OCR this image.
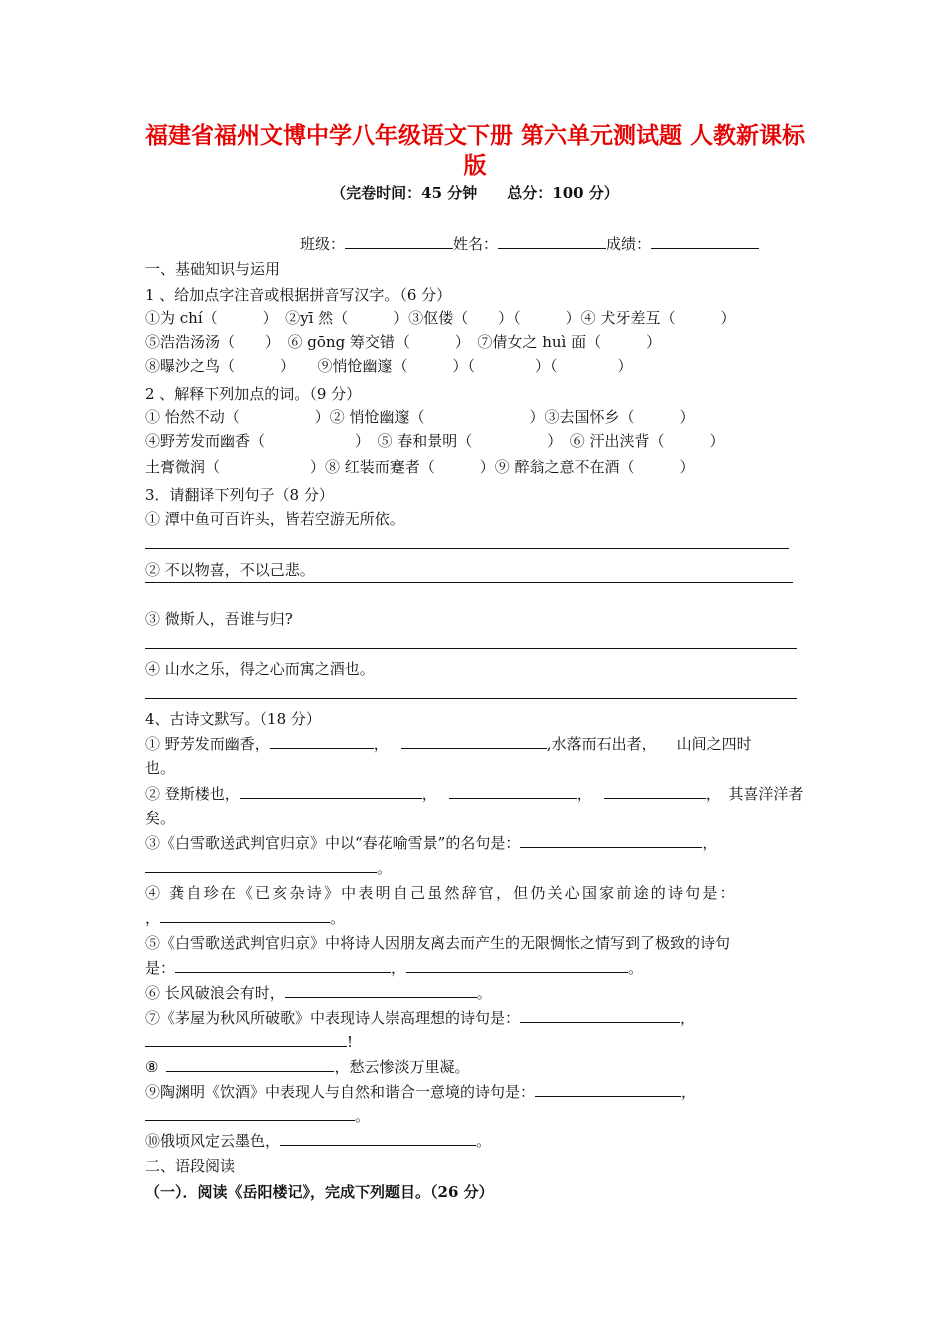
福建省福州文博中学八年级语文下册 第六单元测试题 人教新课标
版
（完卷时间：45 分钟　　总分：100 分）
班级：	姓名：	成绩：
一、基础知识与运用
1 、给加点字注音或根据拼音写汉字。（6 分）
①为 chí（　　　）　②yī 然（　　　）③伛偻（　　）（　　　）④ 犬牙差互（　　　）
⑤浩浩汤汤（　　）　⑥ gōng 筹交错（　　　）　⑦倩女之 huì 面（　　　）
⑧曝沙之鸟（　　　）　　⑨悄怆幽邃（　　　）（　　　　）（　　　　）
2 、解释下列加点的词。（9 分）
① 怡然不动（　　　　　）② 悄怆幽邃（　　　　　　　）③去国怀乡（　　　）
④野芳发而幽香（　　　　　　）　⑤ 春和景明（　　　　　）　⑥ 汗出浃背（　　　）
土膏微润（　　　　　　）⑧ 红装而蹇者（　　　）⑨ 醉翁之意不在酒（　　　）
3．请翻译下列句子（8 分）
① 潭中鱼可百许头，皆若空游无所依。
② 不以物喜，不以己悲。
③ 微斯人，吾谁与归?
④ 山水之乐，得之心而寓之酒也。
4、古诗文默写。（18 分）
① 野芳发而幽香，	，	,水落而石出者， 山间之四时
也。
② 登斯楼也，	，	，	，　其喜洋洋者
矣。
③《白雪歌送武判官归京》中以“春花喻雪景”的名句是：	，
。
④ 龚自珍在《已亥杂诗》中表明自己虽然辞官，但仍关心国家前途的诗句是：
，	。
⑤《白雪歌送武判官归京》中将诗人因朋友离去而产生的无限惆怅之情写到了极致的诗句
是：	，	。
⑥ 长风破浪会有时，	。
⑦《茅屋为秋风所破歌》中表现诗人崇高理想的诗句是：	，
!
⑧	，愁云惨淡万里凝。
⑨陶渊明《饮酒》中表现人与自然和谐合一意境的诗句是：	，
。
⑩俄顷风定云墨色，	。
二、语段阅读
（一）．阅读《岳阳楼记》，完成下列题目。（26 分）
